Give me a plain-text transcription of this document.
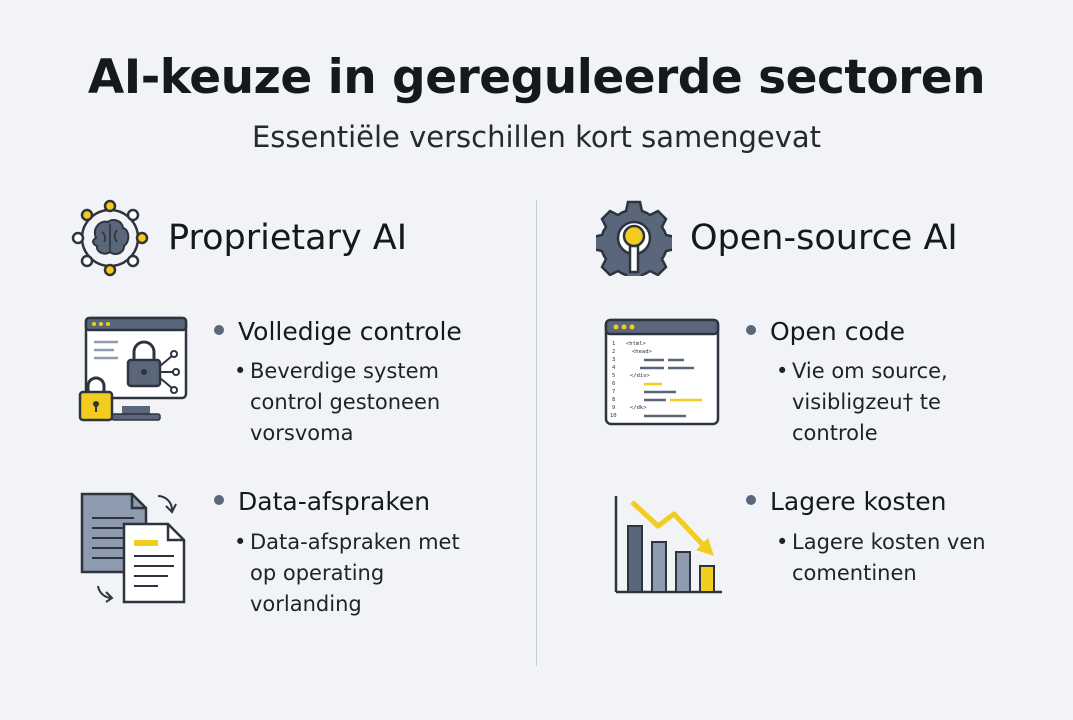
AI-keuze in gereguleerde sectoren
Essentiële verschillen kort samengevat
Proprietary AI
Volledige controle
• Beverdige system
control gestoneen
vorsvoma
Data-afspraken
• Data-afspraken met
op operating
vorlanding
Open-source AI
1
2
3
4
5
6
7
8
9
10
<html>
<head>
</div>
</dk>
Open code
• Vie om source,
visibligzeu† te
controle
Lagere kosten
• Lagere kosten ven
comentinen
